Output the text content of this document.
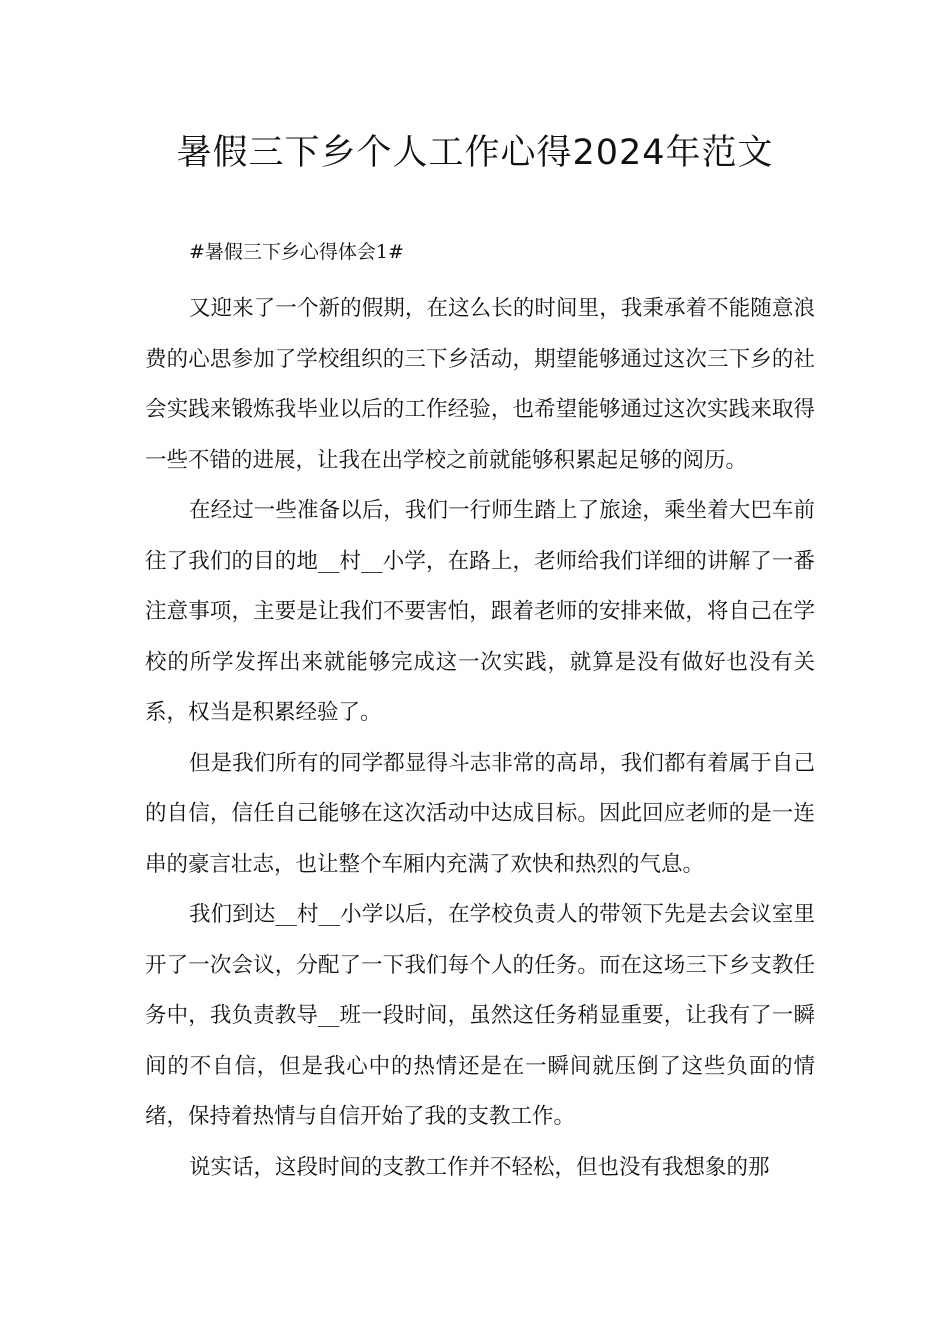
暑假三下乡个人工作心得2024年范文

#暑假三下乡心得体会1#

又迎来了一个新的假期，在这么长的时间里，我秉承着不能随意浪费的心思参加了学校组织的三下乡活动，期望能够通过这次三下乡的社会实践来锻炼我毕业以后的工作经验，也希望能够通过这次实践来取得一些不错的进展，让我在出学校之前就能够积累起足够的阅历。

在经过一些准备以后，我们一行师生踏上了旅途，乘坐着大巴车前往了我们的目的地__村__小学，在路上，老师给我们详细的讲解了一番注意事项，主要是让我们不要害怕，跟着老师的安排来做，将自己在学校的所学发挥出来就能够完成这一次实践，就算是没有做好也没有关系，权当是积累经验了。

但是我们所有的同学都显得斗志非常的高昂，我们都有着属于自己的自信，信任自己能够在这次活动中达成目标。因此回应老师的是一连串的豪言壮志，也让整个车厢内充满了欢快和热烈的气息。

我们到达__村__小学以后，在学校负责人的带领下先是去会议室里开了一次会议，分配了一下我们每个人的任务。而在这场三下乡支教任务中，我负责教导__班一段时间，虽然这任务稍显重要，让我有了一瞬间的不自信，但是我心中的热情还是在一瞬间就压倒了这些负面的情绪，保持着热情与自信开始了我的支教工作。

说实话，这段时间的支教工作并不轻松，但也没有我想象的那
